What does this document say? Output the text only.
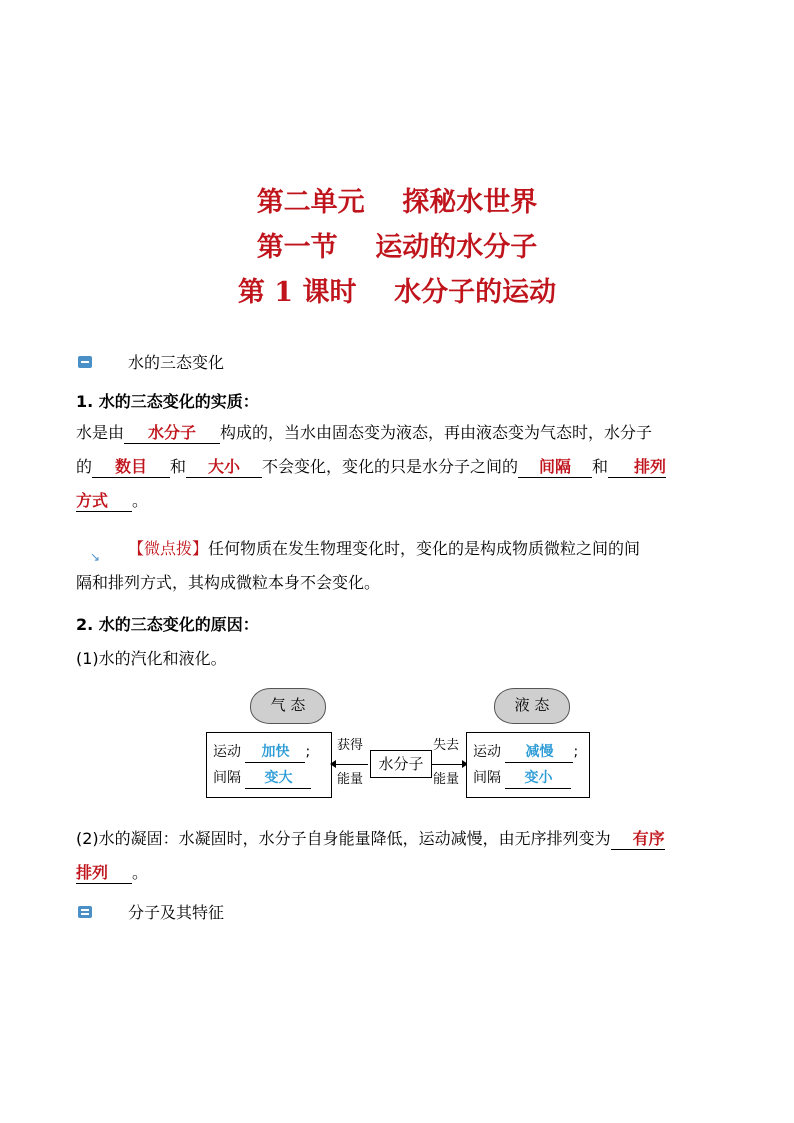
第二单元    探秘水世界
第一节    运动的水分子
第 1 课时    水分子的运动
水的三态变化
1. 水的三态变化的实质：
水是由 水分子 构成的，当水由固态变为液态，再由液态变为气态时，水分子
的 数目 和 大小 不会变化，变化的只是水分子之间的 间隔 和 排列
方式 。
↘	【微点拨】任何物质在发生物理变化时，变化的是构成物质微粒之间的间
隔和排列方式，其构成微粒本身不会变化。
2. 水的三态变化的原因：
(1)水的汽化和液化。
气 态	液 态
运动 加快 ;
间隔 变大
获得
能量
水分子
失去
能量
运动 减慢 ;
间隔 变小
(2)水的凝固：水凝固时，水分子自身能量降低，运动减慢，由无序排列变为 有序
排列 。
分子及其特征
